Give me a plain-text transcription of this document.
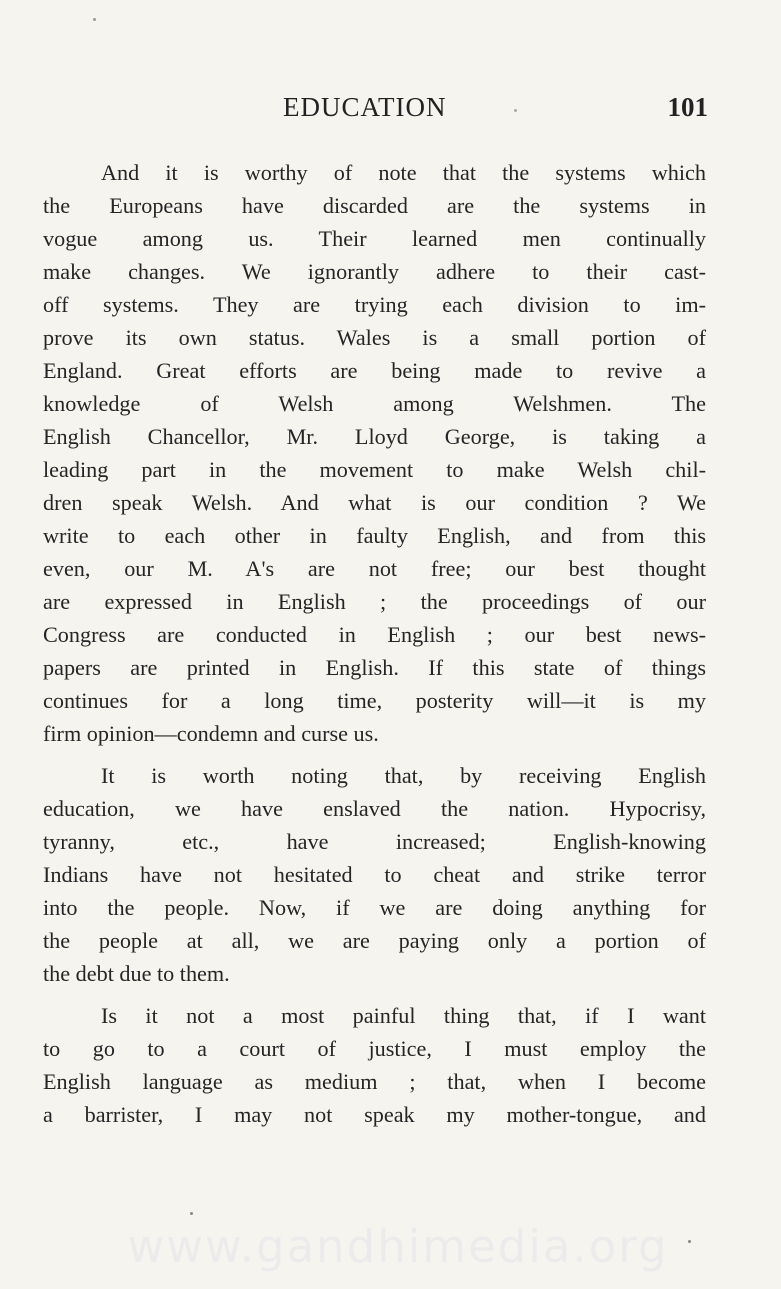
EDUCATION	101
And it is worthy of note that the systems which
the Europeans have discarded are the systems in
vogue among us. Their learned men continually
make changes. We ignorantly adhere to their cast-
off systems. They are trying each division to im-
prove its own status. Wales is a small portion of
England. Great efforts are being made to revive a
knowledge of Welsh among Welshmen. The
English Chancellor, Mr. Lloyd George, is taking a
leading part in the movement to make Welsh chil-
dren speak Welsh. And what is our condition ? We
write to each other in faulty English, and from this
even, our M. A's are not free; our best thought
are expressed in English ; the proceedings of our
Congress are conducted in English ; our best news-
papers are printed in English. If this state of things
continues for a long time, posterity will—it is my
firm opinion—condemn and curse us.
It is worth noting that, by receiving English
education, we have enslaved the nation. Hypocrisy,
tyranny, etc., have increased; English-knowing
Indians have not hesitated to cheat and strike terror
into the people. Now, if we are doing anything for
the people at all, we are paying only a portion of
the debt due to them.
Is it not a most painful thing that, if I want
to go to a court of justice, I must employ the
English language as medium ; that, when I become
a barrister, I may not speak my mother-tongue, and
www.gandhimedia.org
